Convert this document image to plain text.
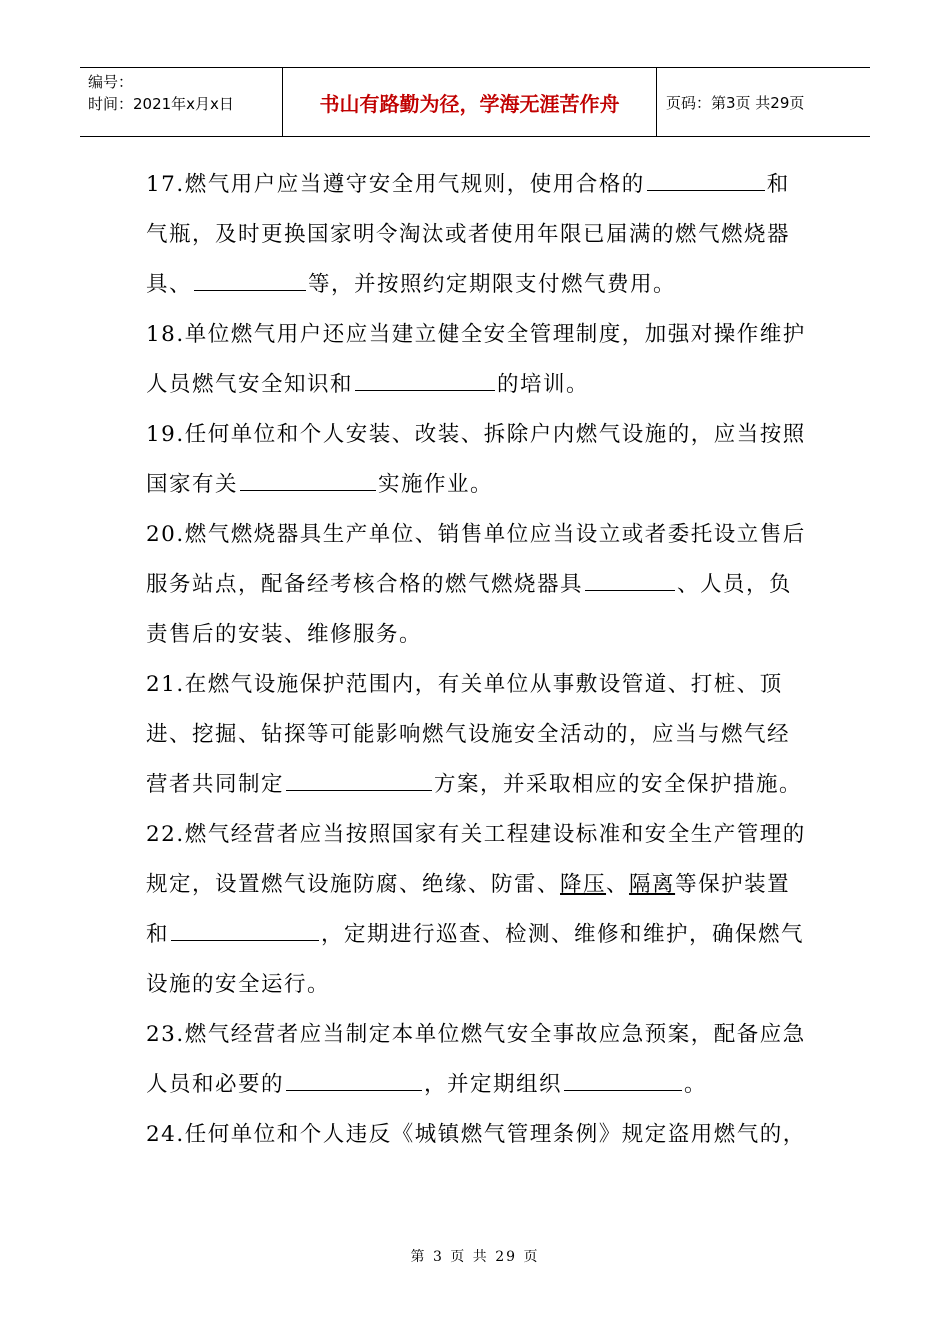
编号：
时间：2021年x月x日	书山有路勤为径，学海无涯苦作舟	页码：第3页 共29页

17.燃气用户应当遵守安全用气规则，使用合格的	和气瓶，及时更换国家明令淘汰或者使用年限已届满的燃气燃烧器具、	等，并按照约定期限支付燃气费用。

18.单位燃气用户还应当建立健全安全管理制度，加强对操作维护人员燃气安全知识和	的培训。

19.任何单位和个人安装、改装、拆除户内燃气设施的，应当按照国家有关	实施作业。

20.燃气燃烧器具生产单位、销售单位应当设立或者委托设立售后服务站点，配备经考核合格的燃气燃烧器具	、人员，负责售后的安装、维修服务。

21.在燃气设施保护范围内，有关单位从事敷设管道、打桩、顶进、挖掘、钻探等可能影响燃气设施安全活动的，应当与燃气经营者共同制定	方案，并采取相应的安全保护措施。

22.燃气经营者应当按照国家有关工程建设标准和安全生产管理的规定，设置燃气设施防腐、绝缘、防雷、降压、隔离等保护装置和	，定期进行巡查、检测、维修和维护，确保燃气设施的安全运行。

23.燃气经营者应当制定本单位燃气安全事故应急预案，配备应急人员和必要的	，并定期组织	。

24.任何单位和个人违反《城镇燃气管理条例》规定盗用燃气的，

第 3 页 共 29 页
